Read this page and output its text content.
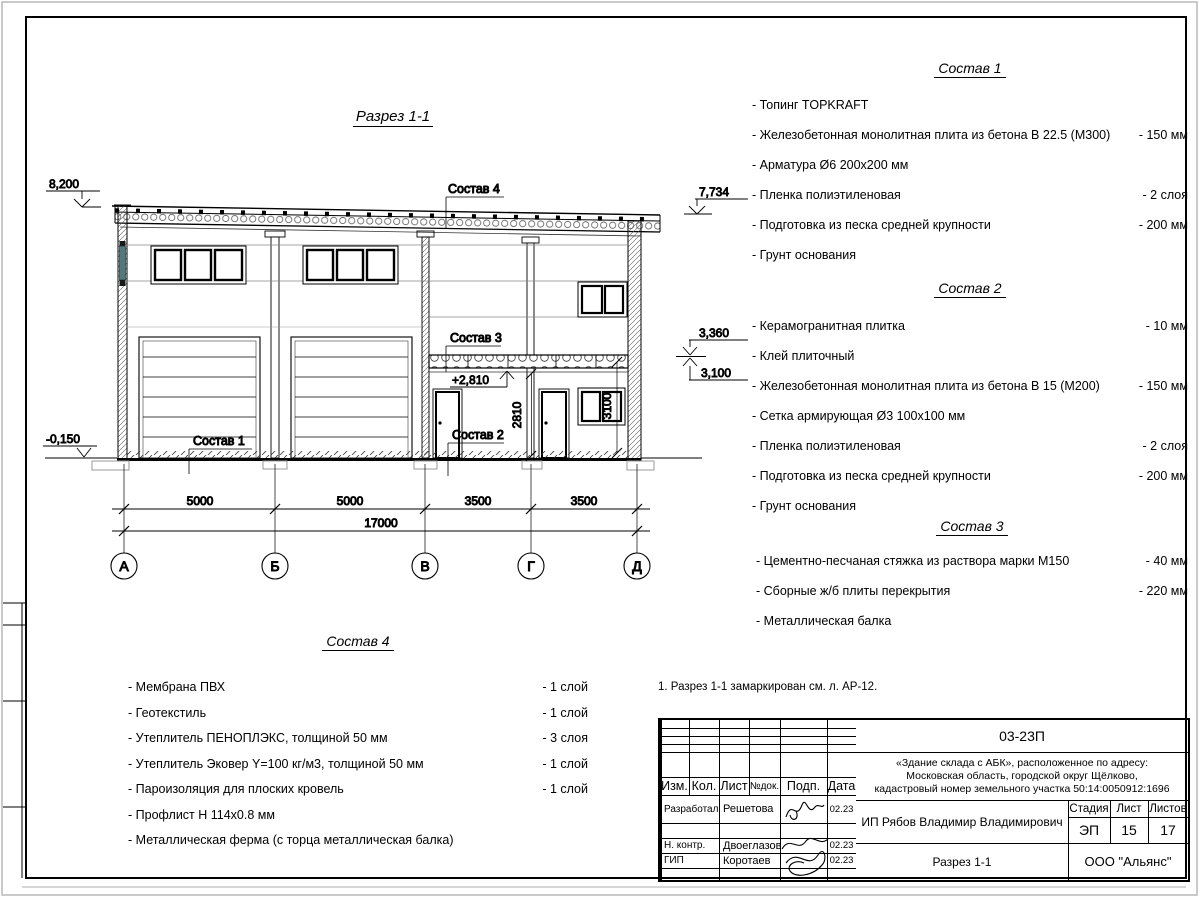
5000	5000	3500	3500
17000
А	Б	В	Г	Д
2810	3100
Состав 4
Состав 3
Состав 2
Состав 1
8,200
7,734
3,360
3,100
+2,810
-0,150
Разрез 1-1
Состав 1
- Топинг TOPKRAFT
- Железобетонная монолитная плита из бетона В 22.5 (М300) - 150 мм
- Арматура Ø6 200х200 мм
- Пленка полиэтиленовая	- 2 слоя
- Подготовка из песка средней крупности	- 200 мм
- Грунт основания
Состав 2
- Керамогранитная плитка	- 10 мм
- Клей плиточный
- Железобетонная монолитная плита из бетона В 15 (М200)	- 150 мм
- Сетка армирующая Ø3 100х100 мм
- Пленка полиэтиленовая	- 2 слоя
- Подготовка из песка средней крупности	- 200 мм
- Грунт основания
Состав 3
- Цементно-песчаная стяжка из раствора марки М150	- 40 мм
- Сборные ж/б плиты перекрытия	- 220 мм
- Металлическая балка
Состав 4
- Мембрана ПВХ	- 1 слой
- Геотекстиль	- 1 слой
- Утеплитель ПЕНОПЛЭКС, толщиной 50 мм	- 3 слоя
- Утеплитель Эковер Y=100 кг/м3, толщиной 50 мм	- 1 слой
- Пароизоляция для плоских кровель	- 1 слой
- Профлист Н 114х0.8 мм
- Металлическая ферма (с торца металлическая балка)
1. Разрез 1-1 замаркирован см. л. АР-12.
Изм. Кол. Лист №док. Подп. Дата
Разработал Решетова	02.23
Н. контр.	Двоеглазов	02.23
ГИП	Коротаев	02.23
03-23П
«Здание склада с АБК», расположенное по адресу:
Московская область, городской округ Щёлково,
кадастровый номер земельного участка 50:14:0050912:1696
ИП Рябов Владимир Владимирович
Стадия Лист Листов
ЭП	15	17
Разрез 1-1	ООО "Альянс"
